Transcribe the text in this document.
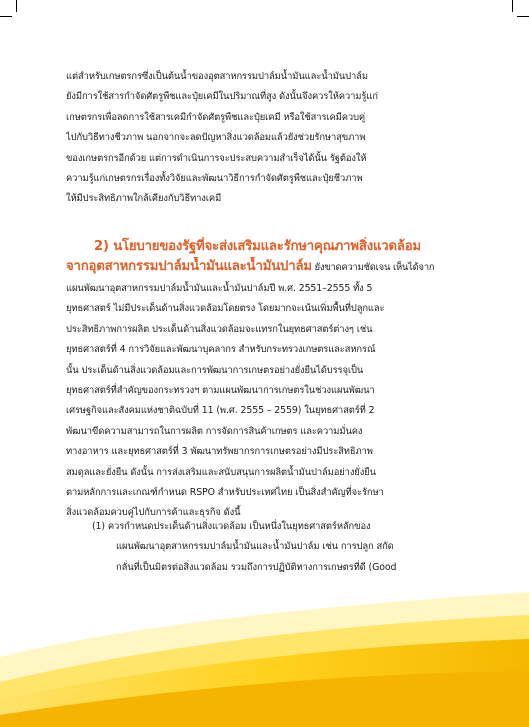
แต่สำหรับเกษตรกรซึ่งเป็นต้นน้ำของอุตสาหกรรมปาล์มน้ำมันและน้ำมันปาล์ม
ยังมีการใช้สารกำจัดศัตรูพืชและปุ๋ยเคมีในปริมาณที่สูง ดังนั้นจึงควรให้ความรู้แก่
เกษตรกรเพื่อลดการใช้สารเคมีกำจัดศัตรูพืชและปุ๋ยเคมี หรือใช้สารเคมีควบคู่
ไปกับวิธีทางชีวภาพ นอกจากจะลดปัญหาสิ่งแวดล้อมแล้วยังช่วยรักษาสุขภาพ
ของเกษตรกรอีกด้วย แต่การดำเนินการจะประสบความสำเร็จได้นั้น รัฐต้องให้
ความรู้แก่เกษตรกรเรื่องทั้งวิจัยและพัฒนาวิธีการกำจัดศัตรูพืชและปุ๋ยชีวภาพ
ให้มีประสิทธิภาพใกล้เคียงกับวิธีทางเคมี
2) นโยบายของรัฐที่จะส่งเสริมและรักษาคุณภาพสิ่งแวดล้อม
จากอุตสาหกรรมปาล์มน้ำมันและน้ำมันปาล์ม ยังขาดความชัดเจน เห็นได้จาก
แผนพัฒนาอุตสาหกรรมปาล์มน้ำมันและน้ำมันปาล์มปี พ.ศ. 2551–2555 ทั้ง 5
ยุทธศาสตร์ ไม่มีประเด็นด้านสิ่งแวดล้อมโดยตรง โดยมากจะเน้นเพิ่มพื้นที่ปลูกและ
ประสิทธิภาพการผลิต ประเด็นด้านสิ่งแวดล้อมจะแทรกในยุทธศาสตร์ต่างๆ เช่น
ยุทธศาสตร์ที่ 4 การวิจัยและพัฒนาบุคลากร สำหรับกระทรวงเกษตรและสหกรณ์
นั้น ประเด็นด้านสิ่งแวดล้อมและการพัฒนาการเกษตรอย่างยั่งยืนได้บรรจุเป็น
ยุทธศาสตร์ที่สำคัญของกระทรวงฯ ตามแผนพัฒนาการเกษตรในช่วงแผนพัฒนา
เศรษฐกิจและสังคมแห่งชาติฉบับที่ 11 (พ.ศ. 2555 – 2559) ในยุทธศาสตร์ที่ 2
พัฒนาขีดความสามารถในการผลิต การจัดการสินค้าเกษตร และความมั่นคง
ทางอาหาร และยุทธศาสตร์ที่ 3 พัฒนาทรัพยากรการเกษตรอย่างมีประสิทธิภาพ
สมดุลและยั่งยืน ดังนั้น การส่งเสริมและสนับสนุนการผลิตน้ำมันปาล์มอย่างยั่งยืน
ตามหลักการและเกณฑ์กำหนด RSPO สำหรับประเทศไทย เป็นสิ่งสำคัญที่จะรักษา
สิ่งแวดล้อมควบคู่ไปกับการค้าและธุรกิจ ดังนี้
(1) ควรกำหนดประเด็นด้านสิ่งแวดล้อม เป็นหนึ่งในยุทธศาสตร์หลักของ
แผนพัฒนาอุตสาหกรรมปาล์มน้ำมันและน้ำมันปาล์ม เช่น การปลูก สกัด
กลั่นที่เป็นมิตรต่อสิ่งแวดล้อม รวมถึงการปฏิบัติทางการเกษตรที่ดี (Good
